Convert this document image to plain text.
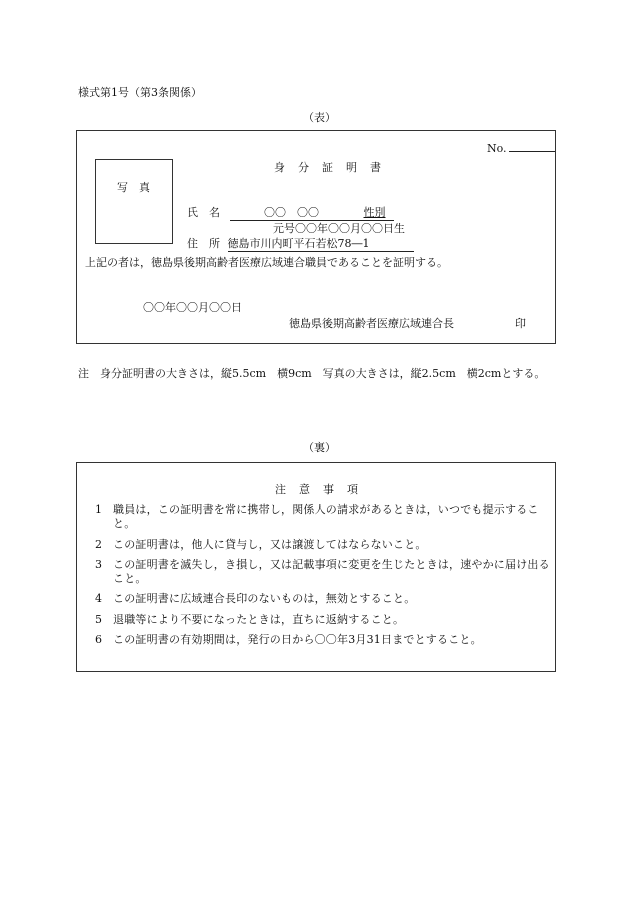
様式第1号（第3条関係）
（表）
No.
写　真
身　分　証　明　書
氏　名	〇〇　〇〇	性別
元号〇〇年〇〇月〇〇日生
住　所 徳島市川内町平石若松78―1
上記の者は，徳島県後期高齢者医療広域連合職員であることを証明する。
〇〇年〇〇月〇〇日
徳島県後期高齢者医療広域連合長	印
注　身分証明書の大きさは，縦5.5cm　横9cm　写真の大きさは，縦2.5cm　横2cmとする。
（裏）
注　意　事　項
1	職員は，この証明書を常に携帯し，関係人の請求があるときは，いつでも提示すること。
2	この証明書は，他人に貸与し，又は譲渡してはならないこと。
3	この証明書を滅失し，き損し，又は記載事項に変更を生じたときは，速やかに届け出ること。
4	この証明書に広域連合長印のないものは，無効とすること。
5	退職等により不要になったときは，直ちに返納すること。
6	この証明書の有効期間は，発行の日から〇〇年3月31日までとすること。
